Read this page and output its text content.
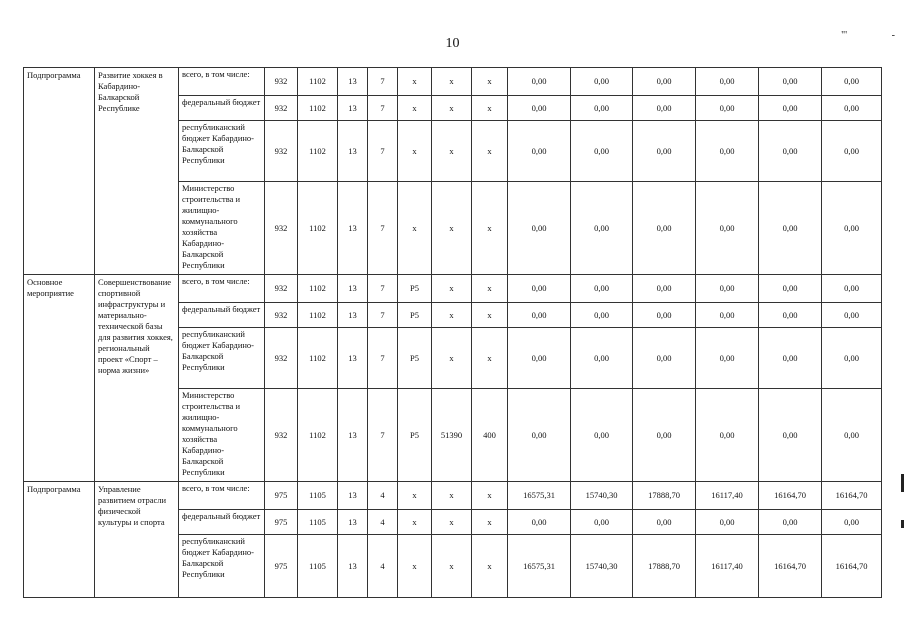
10
"'	-
Подпрограмма	Развитие хоккея в Кабардино-Балкарской Республике	всего, в том числе:	932	1102	13	7	х	х	х	0,00	0,00	0,00	0,00	0,00	0,00
		федеральный бюджет	932	1102	13	7	х	х	х	0,00	0,00	0,00	0,00	0,00	0,00
		республиканский бюджет Кабардино-Балкарской Республики	932	1102	13	7	х	х	х	0,00	0,00	0,00	0,00	0,00	0,00
		Министерство строительства и жилищно-коммунального хозяйства Кабардино-Балкарской Республики	932	1102	13	7	х	х	х	0,00	0,00	0,00	0,00	0,00	0,00
Основное мероприятие	Совершенствование спортивной инфраструктуры и материально-технической базы для развития хоккея, региональный проект «Спорт – норма жизни»	всего, в том числе:	932	1102	13	7	Р5	х	х	0,00	0,00	0,00	0,00	0,00	0,00
		федеральный бюджет	932	1102	13	7	Р5	х	х	0,00	0,00	0,00	0,00	0,00	0,00
		республиканский бюджет Кабардино-Балкарской Республики	932	1102	13	7	Р5	х	х	0,00	0,00	0,00	0,00	0,00	0,00
		Министерство строительства и жилищно-коммунального хозяйства Кабардино-Балкарской Республики	932	1102	13	7	Р5	51390	400	0,00	0,00	0,00	0,00	0,00	0,00
Подпрограмма	Управление развитием отрасли физической культуры и спорта	всего, в том числе:	975	1105	13	4	х	х	х	16575,31	15740,30	17888,70	16117,40	16164,70	16164,70
		федеральный бюджет	975	1105	13	4	х	х	х	0,00	0,00	0,00	0,00	0,00	0,00
		республиканский бюджет Кабардино-Балкарской Республики	975	1105	13	4	х	х	х	16575,31	15740,30	17888,70	16117,40	16164,70	16164,70
